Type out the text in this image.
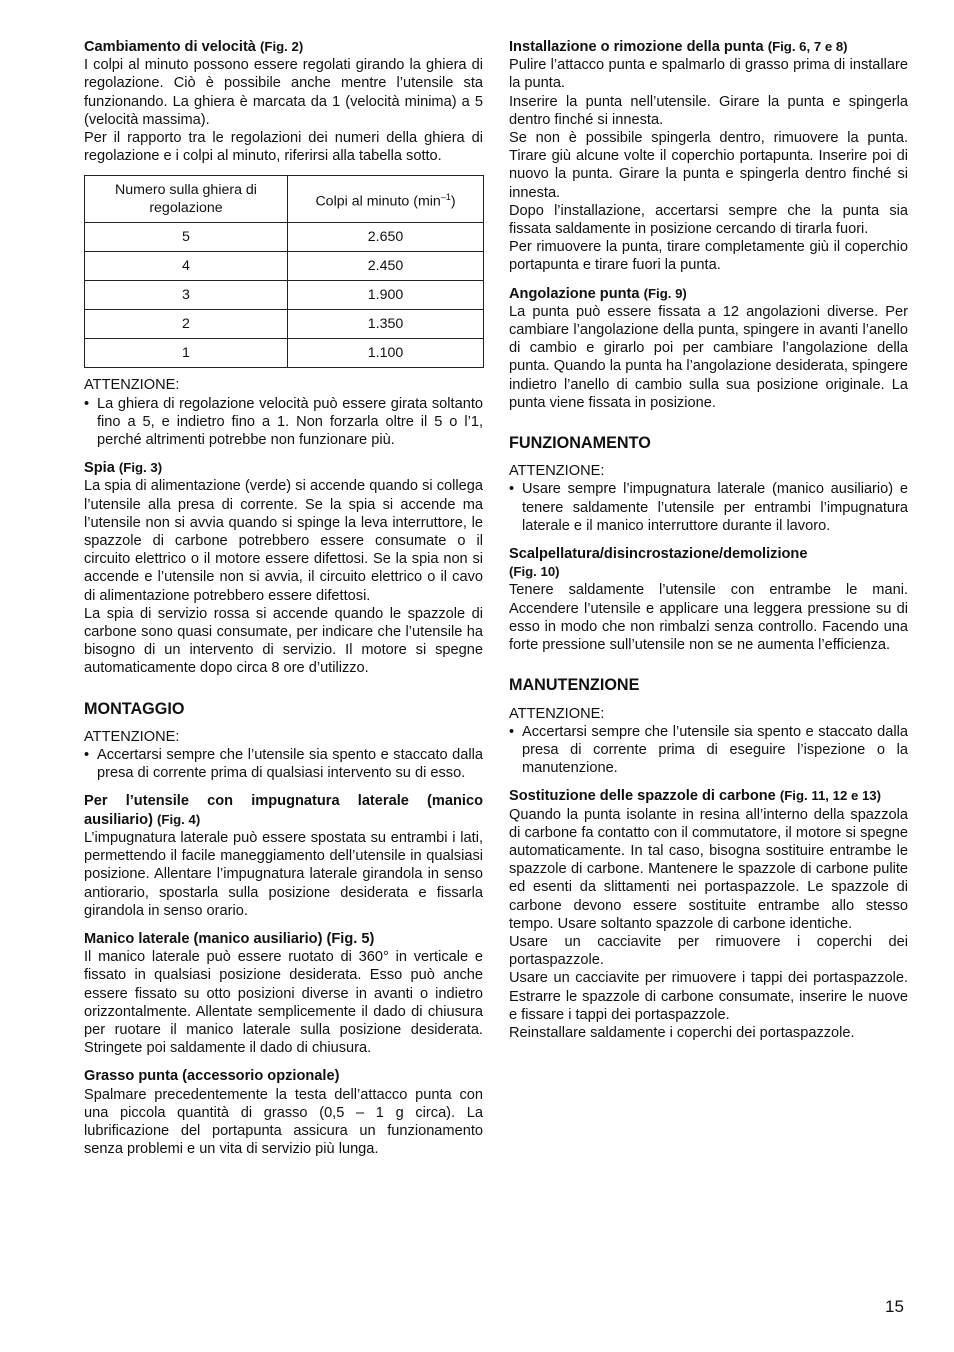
Cambiamento di velocità (Fig. 2)

I colpi al minuto possono essere regolati girando la ghiera di regolazione. Ciò è possibile anche mentre l’utensile sta funzionando. La ghiera è marcata da 1 (velocità minima) a 5 (velocità massima).

Per il rapporto tra le regolazioni dei numeri della ghiera di regolazione e i colpi al minuto, riferirsi alla tabella sotto.

Numero sulla ghiera di regolazione	Colpi al minuto $(\min^{-1})$
5	2.650
4	2.450
3	1.900
2	1.350
1	1.100

ATTENZIONE:

• La ghiera di regolazione velocità può essere girata soltanto fino a 5, e indietro fino a 1. Non forzarla oltre il 5 o l’1, perché altrimenti potrebbe non funzionare più.

Spia (Fig. 3)

La spia di alimentazione (verde) si accende quando si collega l’utensile alla presa di corrente. Se la spia si accende ma l’utensile non si avvia quando si spinge la leva interruttore, le spazzole di carbone potrebbero essere consumate o il circuito elettrico o il motore essere difettosi. Se la spia non si accende e l’utensile non si avvia, il circuito elettrico o il cavo di alimentazione potrebbero essere difettosi.

La spia di servizio rossa si accende quando le spazzole di carbone sono quasi consumate, per indicare che l’utensile ha bisogno di un intervento di servizio. Il motore si spegne automaticamente dopo circa 8 ore d’utilizzo.

MONTAGGIO

ATTENZIONE:

• Accertarsi sempre che l’utensile sia spento e staccato dalla presa di corrente prima di qualsiasi intervento su di esso.

Per l’utensile con impugnatura laterale (manico ausiliario) (Fig. 4)

L’impugnatura laterale può essere spostata su entrambi i lati, permettendo il facile maneggiamento dell’utensile in qualsiasi posizione. Allentare l’impugnatura laterale girandola in senso antiorario, spostarla sulla posizione desiderata e fissarla girandola in senso orario.

Manico laterale (manico ausiliario) (Fig. 5)

Il manico laterale può essere ruotato di 360° in verticale e fissato in qualsiasi posizione desiderata. Esso può anche essere fissato su otto posizioni diverse in avanti o indietro orizzontalmente. Allentate semplicemente il dado di chiusura per ruotare il manico laterale sulla posizione desiderata. Stringete poi saldamente il dado di chiusura.

Grasso punta (accessorio opzionale)

Spalmare precedentemente la testa dell’attacco punta con una piccola quantità di grasso (0,5 – 1 g circa). La lubrificazione del portapunta assicura un funzionamento senza problemi e un vita di servizio più lunga.

Installazione o rimozione della punta (Fig. 6, 7 e 8)

Pulire l’attacco punta e spalmarlo di grasso prima di installare la punta.

Inserire la punta nell’utensile. Girare la punta e spingerla dentro finché si innesta.

Se non è possibile spingerla dentro, rimuovere la punta. Tirare giù alcune volte il coperchio portapunta. Inserire poi di nuovo la punta. Girare la punta e spingerla dentro finché si innesta.

Dopo l’installazione, accertarsi sempre che la punta sia fissata saldamente in posizione cercando di tirarla fuori.

Per rimuovere la punta, tirare completamente giù il coperchio portapunta e tirare fuori la punta.

Angolazione punta (Fig. 9)

La punta può essere fissata a 12 angolazioni diverse. Per cambiare l’angolazione della punta, spingere in avanti l’anello di cambio e girarlo poi per cambiare l’angolazione della punta. Quando la punta ha l’angolazione desiderata, spingere indietro l’anello di cambio sulla sua posizione originale. La punta viene fissata in posizione.

FUNZIONAMENTO

ATTENZIONE:

• Usare sempre l’impugnatura laterale (manico ausiliario) e tenere saldamente l’utensile per entrambi l’impugnatura laterale e il manico interruttore durante il lavoro.

Scalpellatura/disincrostazione/demolizione

(Fig. 10)

Tenere saldamente l’utensile con entrambe le mani. Accendere l’utensile e applicare una leggera pressione su di esso in modo che non rimbalzi senza controllo. Facendo una forte pressione sull’utensile non se ne aumenta l’efficienza.

MANUTENZIONE

ATTENZIONE:

• Accertarsi sempre che l’utensile sia spento e staccato dalla presa di corrente prima di eseguire l’ispezione o la manutenzione.

Sostituzione delle spazzole di carbone (Fig. 11, 12 e 13)

Quando la punta isolante in resina all’interno della spazzola di carbone fa contatto con il commutatore, il motore si spegne automaticamente. In tal caso, bisogna sostituire entrambe le spazzole di carbone. Mantenere le spazzole di carbone pulite ed esenti da slittamenti nei portaspazzole. Le spazzole di carbone devono essere sostituite entrambe allo stesso tempo. Usare soltanto spazzole di carbone identiche.

Usare un cacciavite per rimuovere i coperchi dei portaspazzole.

Usare un cacciavite per rimuovere i tappi dei portaspazzole. Estrarre le spazzole di carbone consumate, inserire le nuove e fissare i tappi dei portaspazzole.

Reinstallare saldamente i coperchi dei portaspazzole.

15
